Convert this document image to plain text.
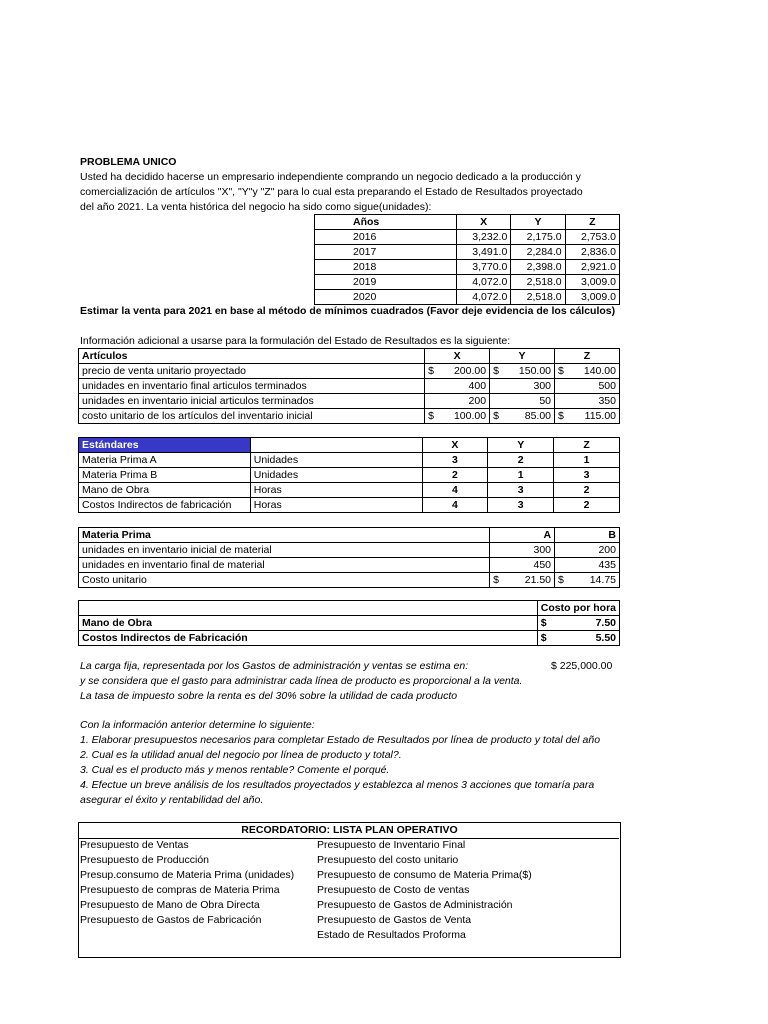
PROBLEMA UNICO
Usted ha decidido hacerse un empresario independiente comprando un negocio dedicado a la producción y
comercialización de artículos "X", "Y"y "Z" para lo cual esta preparando el Estado de Resultados proyectado
del año 2021. La venta histórica del negocio ha sido como sigue(unidades):
Años	X	Y	Z
2016	3,232.0	2,175.0	2,753.0
2017	3,491.0	2,284.0	2,836.0
2018	3,770.0	2,398.0	2,921.0
2019	4,072.0	2,518.0	3,009.0
2020	4,072.0	2,518.0	3,009.0
Estimar la venta para 2021 en base al método de mínimos cuadrados (Favor deje evidencia de los cálculos)
Información adicional a usarse para la formulación del Estado de Resultados es la siguiente:
Artículos	X	Y	Z
precio de venta unitario proyectado	$ 200.00	$ 150.00	$ 140.00

unidades en inventario final articulos terminados	400	300	500
unidades en inventario inicial articulos terminados	200	50	350
costo unitario de los artículos del inventario inicial	$ 100.00	$ 85.00	$ 115.00
Estándares		X	Y	Z
Materia Prima A	Unidades	3	2	1
Materia Prima B	Unidades	2	1	3
Mano de Obra	Horas	4	3	2
Costos Indirectos de fabricación	Horas	4	3	2
Materia Prima	A	B
unidades en inventario inicial de material	300	200
unidades en inventario final de material	450	435
Costo unitario	$ 21.50	$ 14.75
	Costo por hora
Mano de Obra	$ 7.50

Costos Indirectos de Fabricación	$ 5.50
La carga fija, representada por los Gastos de administración y ventas se estima en:	$ 225,000.00
y se considera que el gasto para administrar cada línea de producto es proporcional a la venta.
La tasa de impuesto sobre la renta es del 30% sobre la utilidad de cada producto
Con la información anterior determine lo siguiente:
1. Elaborar presupuestos necesarios para completar Estado de Resultados por línea de producto y total del año
2. Cual es la utilidad anual del negocio por línea de producto y total?.
3. Cual es el producto más y menos rentable? Comente el porqué.
4. Efectue un breve análisis de los resultados proyectados y establezca al menos 3 acciones que tomaría para
asegurar el éxito y rentabilidad del año.
RECORDATORIO: LISTA PLAN OPERATIVO
Presupuesto de Ventas
Presupuesto de Producción
Presup.consumo de Materia Prima (unidades)
Presupuesto de compras de Materia Prima
Presupuesto de Mano de Obra Directa
Presupuesto de Gastos de Fabricación
Presupuesto de Inventario Final
Presupuesto del costo unitario
Presupuesto de consumo de Materia Prima($)
Presupuesto de Costo de ventas
Presupuesto de Gastos de Administración
Presupuesto de Gastos de Venta
Estado de Resultados Proforma
